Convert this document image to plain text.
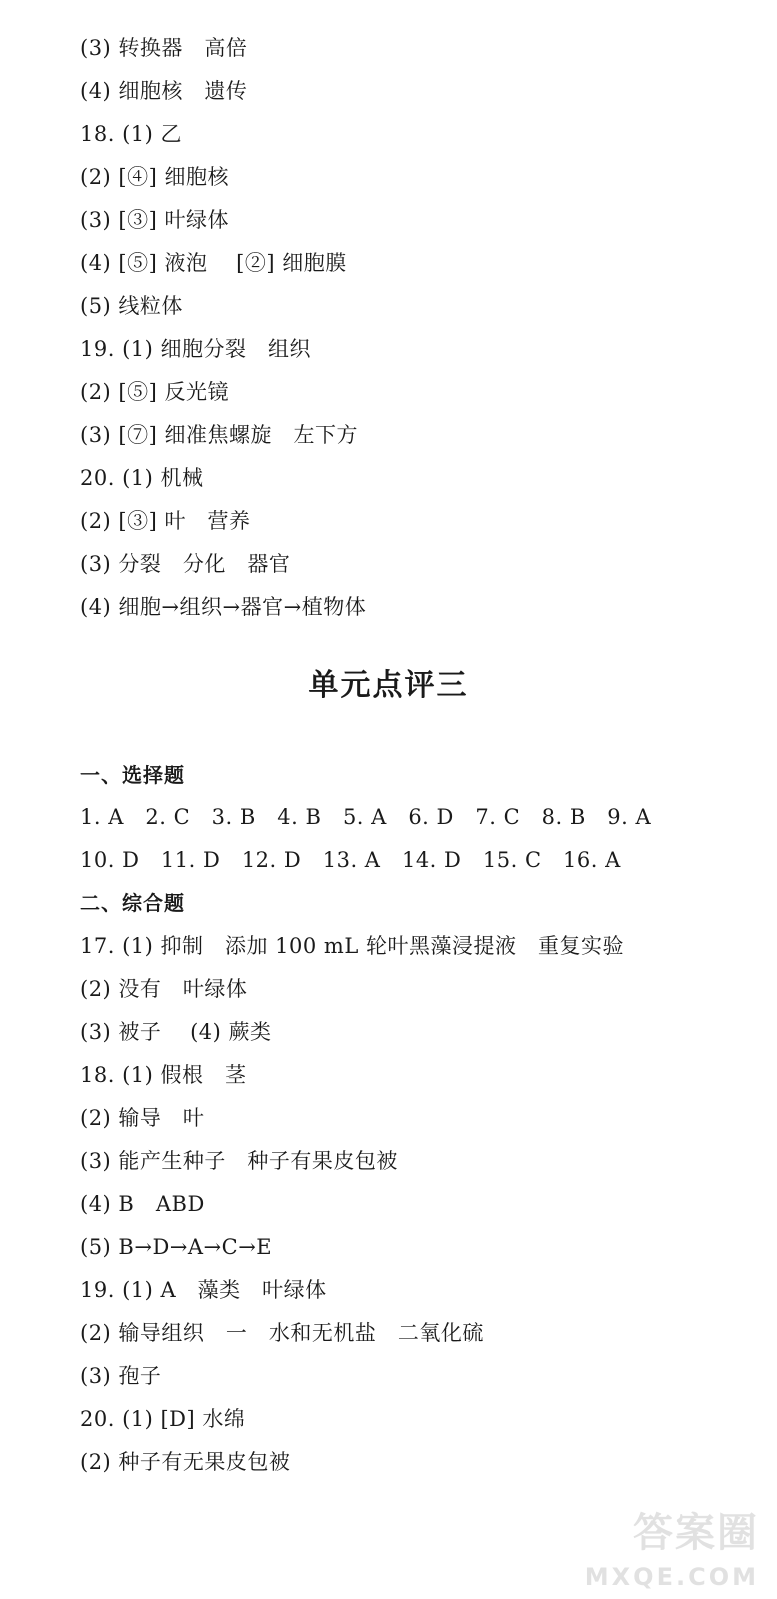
(3) 转换器　高倍
(4) 细胞核　遗传
18. (1) 乙
(2) [④] 细胞核
(3) [③] 叶绿体
(4) [⑤] 液泡　 [②] 细胞膜
(5) 线粒体
19. (1) 细胞分裂　组织
(2) [⑤] 反光镜
(3) [⑦] 细准焦螺旋　左下方
20. (1) 机械
(2) [③] 叶　营养
(3) 分裂　分化　器官
(4) 细胞→组织→器官→植物体
单元点评三
一、选择题
1. A　2. C　3. B　4. B　5. A　6. D　7. C　8. B　9. A
10. D　11. D　12. D　13. A　14. D　15. C　16. A
二、综合题
17. (1) 抑制　添加 100 mL 轮叶黑藻浸提液　重复实验
(2) 没有　叶绿体
(3) 被子　 (4) 蕨类
18. (1) 假根　茎
(2) 输导　叶
(3) 能产生种子　种子有果皮包被
(4) B　ABD
(5) B→D→A→C→E
19. (1) A　藻类　叶绿体
(2) 输导组织　一　水和无机盐　二氧化硫
(3) 孢子
20. (1) [D] 水绵
(2) 种子有无果皮包被
答案圈
MXQE.COM
